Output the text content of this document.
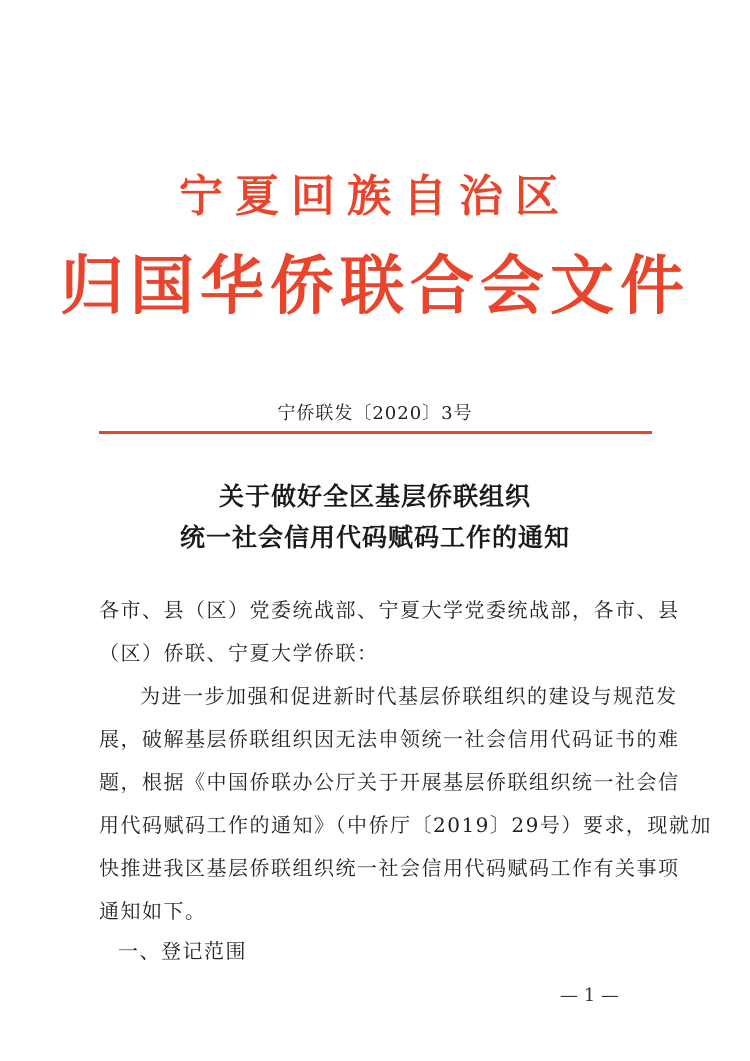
宁夏回族自治区
归国华侨联合会文件
宁侨联发〔2020〕3号
关于做好全区基层侨联组织
统一社会信用代码赋码工作的通知
各市、县（区）党委统战部、宁夏大学党委统战部，各市、县
（区）侨联、宁夏大学侨联：
为进一步加强和促进新时代基层侨联组织的建设与规范发
展，破解基层侨联组织因无法申领统一社会信用代码证书的难
题，根据《中国侨联办公厅关于开展基层侨联组织统一社会信
用代码赋码工作的通知》（中侨厅〔2019〕29号）要求，现就加
快推进我区基层侨联组织统一社会信用代码赋码工作有关事项
通知如下。
一、登记范围
— 1 —
